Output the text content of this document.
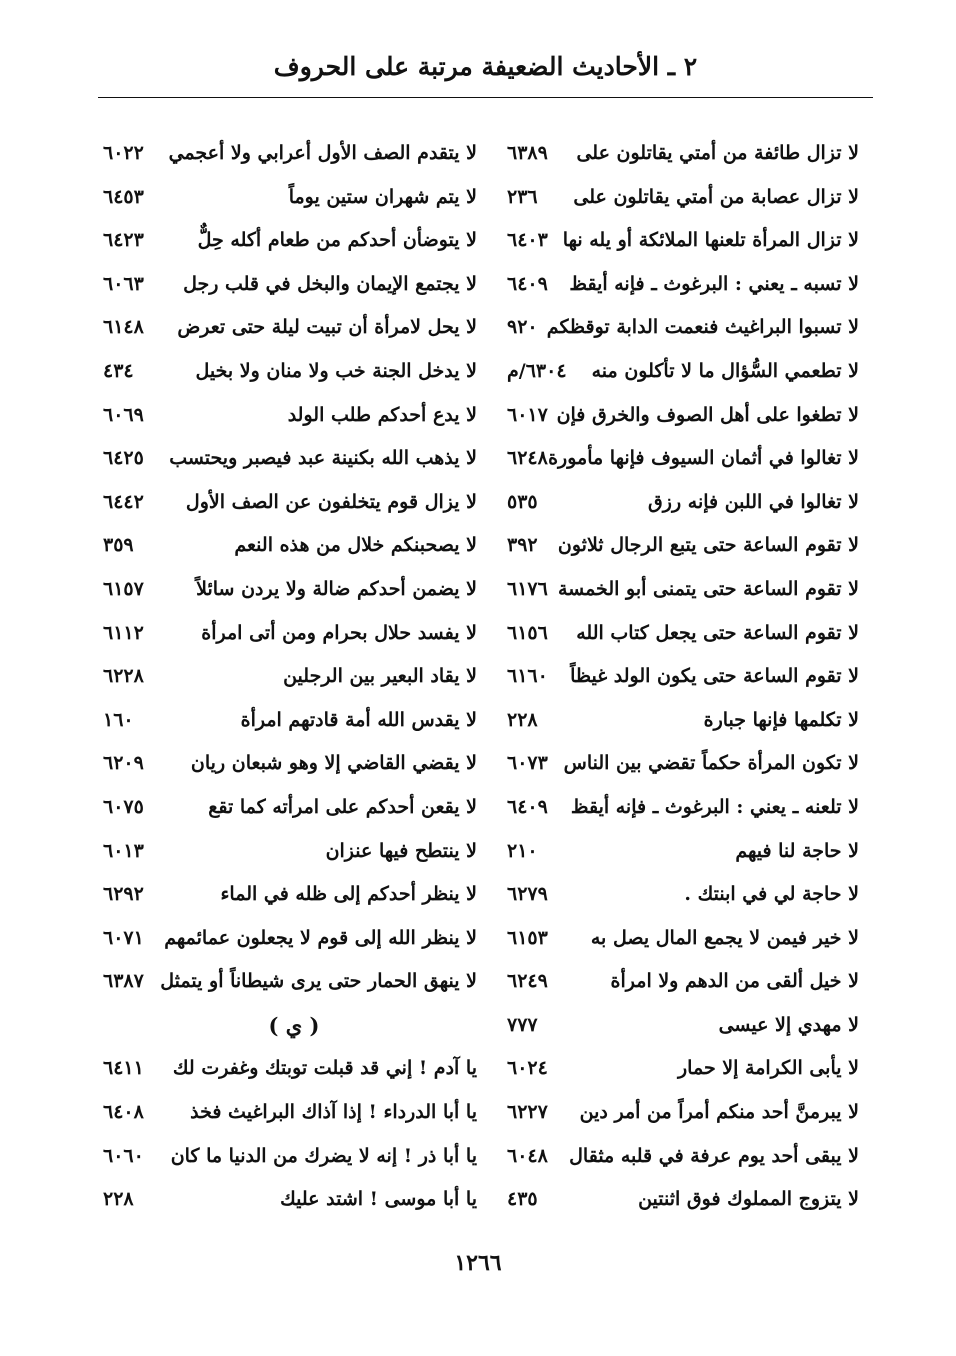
٢ ـ الأحاديث الضعيفة مرتبة على الحروف
لا تزال طائفة من أمتي يقاتلون على
٦٣٨٩
لا تزال عصابة من أمتي يقاتلون على
٢٣٦
لا تزال المرأة تلعنها الملائكة أو يله نها
٦٤٠٣
لا تسبه ـ يعني : البرغوث ـ فإنه أيقظ
٦٤٠٩
لا تسبوا البراغيث فنعمت الدابة توقظكم
٩٢٠
لا تطعمي السُّؤال ما لا تأكلون منه
٦٣٠٤/م
لا تطغوا على أهل الصوف والخرق فإن
٦٠١٧
لا تغالوا في أثمان السيوف فإنها مأمورة
٦٢٤٨
لا تغالوا في اللبن فإنه رزق
٥٣٥
لا تقوم الساعة حتى يتبع الرجال ثلاثون
٣٩٢
لا تقوم الساعة حتى يتمنى أبو الخمسة
٦١٧٦
لا تقوم الساعة حتى يجعل كتاب الله
٦١٥٦
لا تقوم الساعة حتى يكون الولد غيظاً
٦١٦٠
لا تكلمها فإنها جبارة
٢٢٨
لا تكون المرأة حكماً تقضي بين الناس
٦٠٧٣
لا تلعنه ـ يعني : البرغوث ـ فإنه أيقظ
٦٤٠٩
لا حاجة لنا فيهم
٢١٠
لا حاجة لي في ابنتك .
٦٢٧٩
لا خير فيمن لا يجمع المال يصل به
٦١٥٣
لا خيل ألقى من الدهم ولا امرأة
٦٢٤٩
لا مهدي إلا عيسى
٧٧٧
لا يأبى الكرامة إلا حمار
٦٠٢٤
لا يبرمنَّ أحد منكم أمراً من أمر دين
٦٢٢٧
لا يبقى أحد يوم عرفة في قلبه مثقال
٦٠٤٨
لا يتزوج المملوك فوق اثنتين
٤٣٥
لا يتقدم الصف الأول أعرابي ولا أعجمي
٦٠٢٢
لا يتم شهران ستين يوماً
٦٤٥٣
لا يتوضأن أحدكم من طعام أكله حِلٌّ
٦٤٢٣
لا يجتمع الإيمان والبخل في قلب رجل
٦٠٦٣
لا يحل لامرأة أن تبيت ليلة حتى تعرض
٦١٤٨
لا يدخل الجنة خب ولا منان ولا بخيل
٤٣٤
لا يدع أحدكم طلب الولد
٦٠٦٩
لا يذهب الله بكنينة عبد فيصبر ويحتسب
٦٤٢٥
لا يزال قوم يتخلفون عن الصف الأول
٦٤٤٢
لا يصحبنكم خلال من هذه النعم
٣٥٩
لا يضمن أحدكم ضالة ولا يردن سائلاً
٦١٥٧
لا يفسد حلال بحرام ومن أتى امرأة
٦١١٢
لا يقاد البعير بين الرجلين
٦٢٢٨
لا يقدس الله أمة قادتهم امرأة
١٦٠
لا يقضي القاضي إلا وهو شبعان ريان
٦٢٠٩
لا يقعن أحدكم على امرأته كما تقع
٦٠٧٥
لا ينتطح فيها عنزان
٦٠١٣
لا ينظر أحدكم إلى ظله في الماء
٦٢٩٢
لا ينظر الله إلى قوم لا يجعلون عمائمهم
٦٠٧١
لا ينهق الحمار حتى يرى شيطاناً أو يتمثل
٦٣٨٧
( ي )
يا آدم ! إني قد قبلت توبتك وغفرت لك
٦٤١١
يا أبا الدرداء ! إذا آذاك البراغيث فخذ
٦٤٠٨
يا أبا ذر ! إنه لا يضرك من الدنيا ما كان
٦٠٦٠
يا أبا موسى ! اشتد عليك
٢٢٨
١٢٦٦
